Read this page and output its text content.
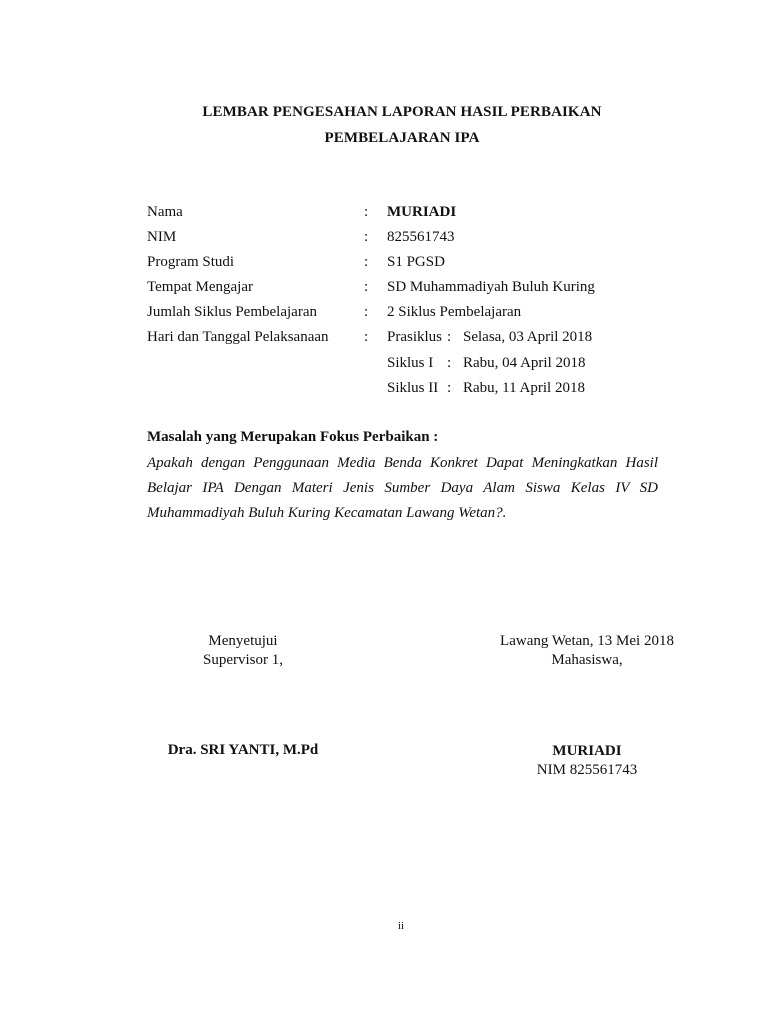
LEMBAR PENGESAHAN LAPORAN HASIL PERBAIKAN
PEMBELAJARAN IPA
Nama	: MURIADI
NIM	: 825561743
Program Studi	: S1 PGSD
Tempat Mengajar	: SD Muhammadiyah Buluh Kuring
Jumlah Siklus Pembelajaran	: 2 Siklus Pembelajaran
Hari dan Tanggal Pelaksanaan : Prasiklus : Selasa, 03 April 2018
Siklus I : Rabu, 04 April 2018
Siklus II : Rabu, 11 April 2018
Masalah yang Merupakan Fokus Perbaikan :
Apakah dengan Penggunaan Media Benda Konkret Dapat Meningkatkan Hasil Belajar IPA Dengan Materi Jenis Sumber Daya Alam Siswa Kelas IV SD Muhammadiyah Buluh Kuring Kecamatan Lawang Wetan?.
Menyetujui
Supervisor 1,
Lawang Wetan, 13 Mei 2018
Mahasiswa,
Dra. SRI YANTI, M.Pd	MURIADI
NIM 825561743
ii
